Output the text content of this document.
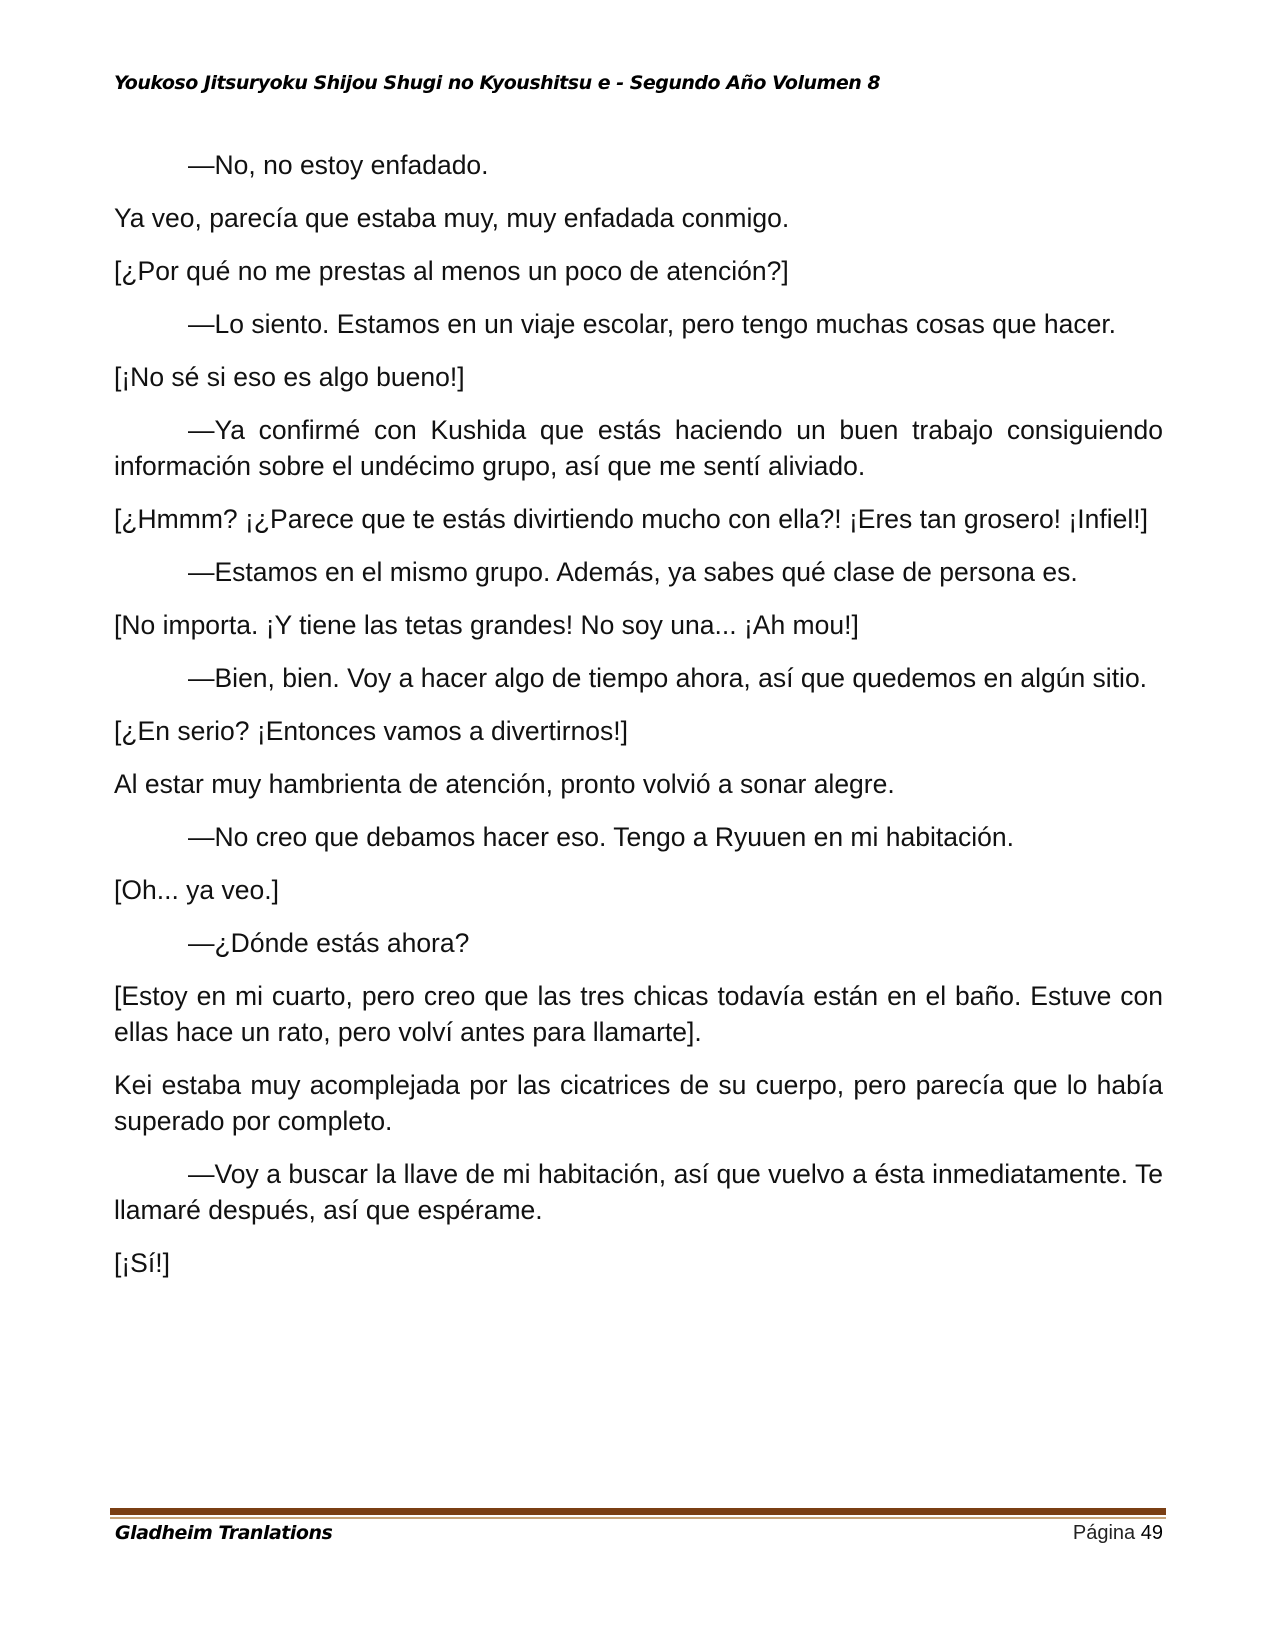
Youkoso Jitsuryoku Shijou Shugi no Kyoushitsu e - Segundo Año Volumen 8

—No, no estoy enfadado.

Ya veo, parecía que estaba muy, muy enfadada conmigo.

[¿Por qué no me prestas al menos un poco de atención?]

—Lo siento. Estamos en un viaje escolar, pero tengo muchas cosas que hacer.

[¡No sé si eso es algo bueno!]

—Ya confirmé con Kushida que estás haciendo un buen trabajo consiguiendo información sobre el undécimo grupo, así que me sentí aliviado.

[¿Hmmm? ¡¿Parece que te estás divirtiendo mucho con ella?! ¡Eres tan grosero! ¡Infiel!]

—Estamos en el mismo grupo. Además, ya sabes qué clase de persona es.

[No importa. ¡Y tiene las tetas grandes! No soy una... ¡Ah mou!]

—Bien, bien. Voy a hacer algo de tiempo ahora, así que quedemos en algún sitio.

[¿En serio? ¡Entonces vamos a divertirnos!]

Al estar muy hambrienta de atención, pronto volvió a sonar alegre.

—No creo que debamos hacer eso. Tengo a Ryuuen en mi habitación.

[Oh... ya veo.]

—¿Dónde estás ahora?

[Estoy en mi cuarto, pero creo que las tres chicas todavía están en el baño. Estuve con ellas hace un rato, pero volví antes para llamarte].

Kei estaba muy acomplejada por las cicatrices de su cuerpo, pero parecía que lo había superado por completo.

—Voy a buscar la llave de mi habitación, así que vuelvo a ésta inmediatamente. Te llamaré después, así que espérame.

[¡Sí!]

Gladheim Tranlations	Página 49
